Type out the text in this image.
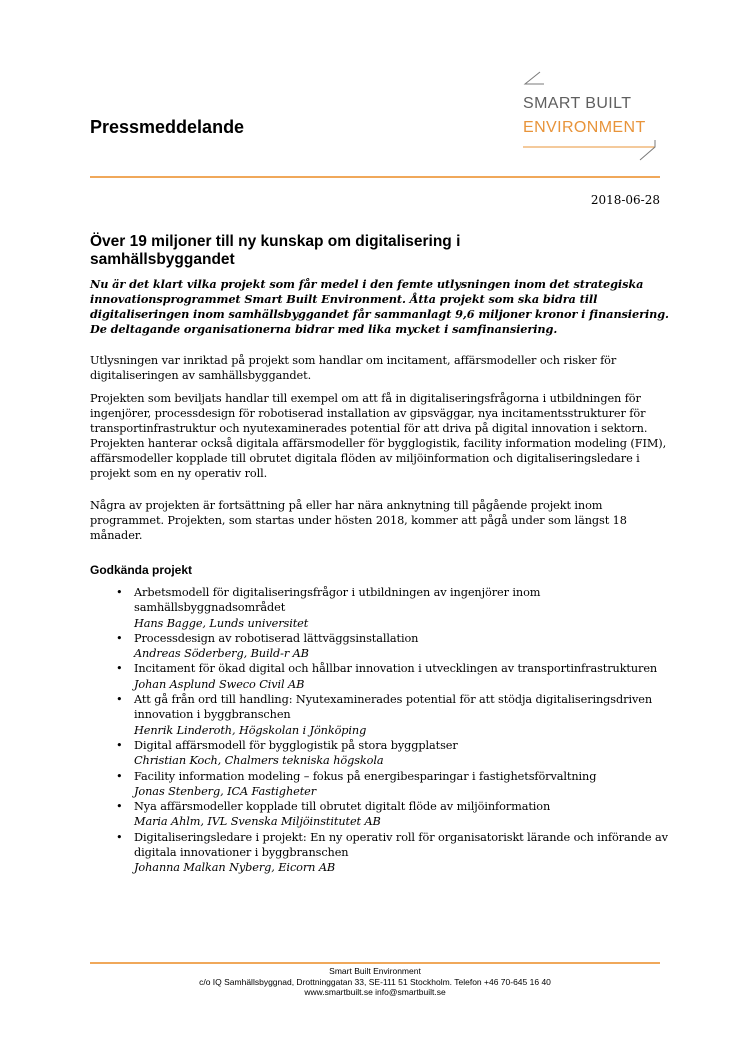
Pressmeddelande
SMART BUILT
ENVIRONMENT
2018-06-28
Över 19 miljoner till ny kunskap om digitalisering i samhällsbyggandet

Nu är det klart vilka projekt som får medel i den femte utlysningen inom det strategiska innovationsprogrammet Smart Built Environment. Åtta projekt som ska bidra till digitaliseringen inom samhällsbyggandet får sammanlagt 9,6 miljoner kronor i finansiering. De deltagande organisationerna bidrar med lika mycket i samfinansiering.

Utlysningen var inriktad på projekt som handlar om incitament, affärsmodeller och risker för digitaliseringen av samhällsbyggandet.

Projekten som beviljats handlar till exempel om att få in digitaliseringsfrågorna i utbildningen för ingenjörer, processdesign för robotiserad installation av gipsväggar, nya incitamentsstrukturer för transportinfrastruktur och nyutexaminerades potential för att driva på digital innovation i sektorn. Projekten hanterar också digitala affärsmodeller för bygglogistik, facility information modeling (FIM), affärsmodeller kopplade till obrutet digitala flöden av miljöinformation och digitaliseringsledare i projekt som en ny operativ roll.

Några av projekten är fortsättning på eller har nära anknytning till pågående projekt inom programmet. Projekten, som startas under hösten 2018, kommer att pågå under som längst 18 månader.

Godkända projekt
• Arbetsmodell för digitaliseringsfrågor i utbildningen av ingenjörer inom samhällsbyggnadsområdet
Hans Bagge, Lunds universitet
• Processdesign av robotiserad lättväggsinstallation
Andreas Söderberg, Build-r AB
• Incitament för ökad digital och hållbar innovation i utvecklingen av transportinfrastrukturen
Johan Asplund Sweco Civil AB
• Att gå från ord till handling: Nyutexaminerades potential för att stödja digitaliseringsdriven innovation i byggbranschen
Henrik Linderoth, Högskolan i Jönköping
• Digital affärsmodell för bygglogistik på stora byggplatser
Christian Koch, Chalmers tekniska högskola
• Facility information modeling – fokus på energibesparingar i fastighetsförvaltning
Jonas Stenberg, ICA Fastigheter
• Nya affärsmodeller kopplade till obrutet digitalt flöde av miljöinformation
Maria Ahlm, IVL Svenska Miljöinstitutet AB
• Digitaliseringsledare i projekt: En ny operativ roll för organisatoriskt lärande och införande av digitala innovationer i byggbranschen
Johanna Malkan Nyberg, Eicorn AB
Smart Built Environment
c/o IQ Samhällsbyggnad, Drottninggatan 33, SE-111 51 Stockholm. Telefon +46 70-645 16 40
www.smartbuilt.se info@smartbuilt.se
